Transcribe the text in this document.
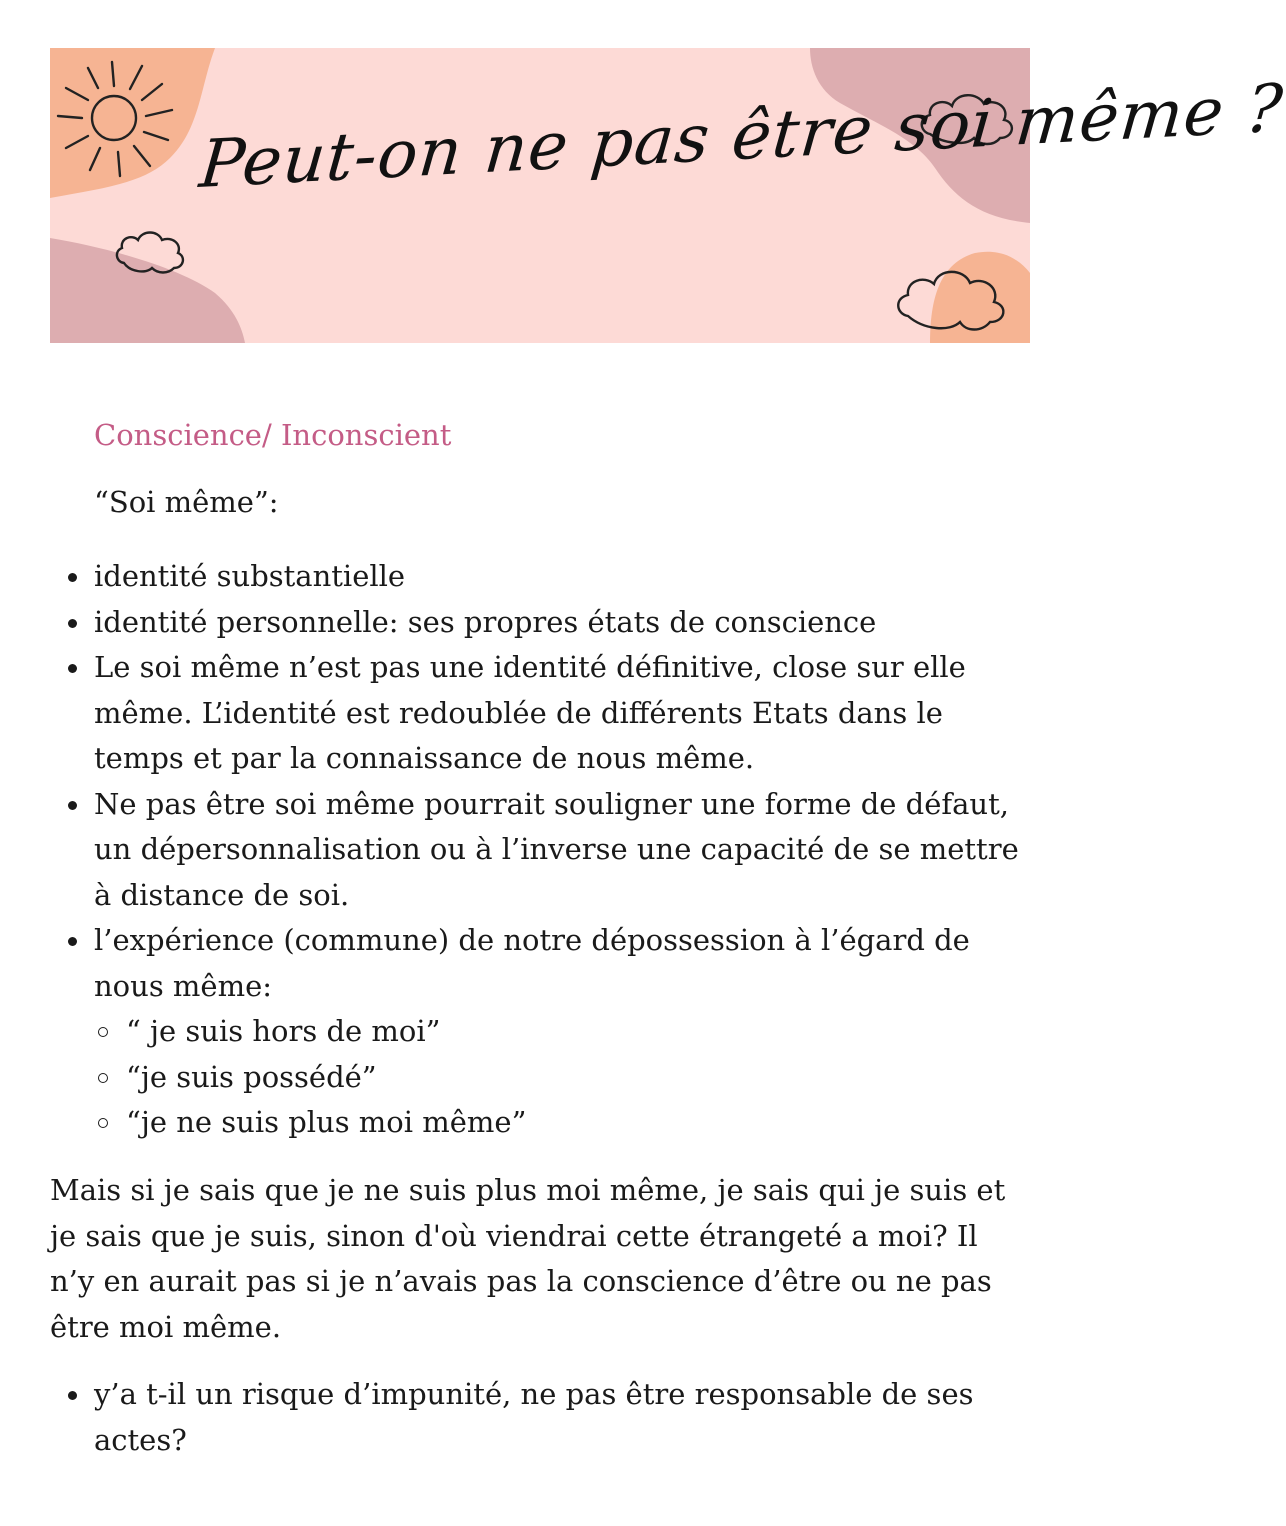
Peut-on ne pas être soi même ?
Conscience/ Inconscient

“Soi même”:

identité substantielle
identité personnelle: ses propres états de conscience
Le soi même n’est pas une identité définitive, close sur elle même. L’identité est redoublée de différents Etats dans le temps et par la connaissance de nous même.
Ne pas être soi même pourrait souligner une forme de défaut, un dépersonnalisation ou à l’inverse une capacité de se mettre à distance de soi.
l’expérience (commune) de notre dépossession à l’égard de nous même:
“ je suis hors de moi”
“je suis possédé”
“je ne suis plus moi même”

Mais si je sais que je ne suis plus moi même, je sais qui je suis et je sais que je suis, sinon d'où viendrai cette étrangeté a moi? Il n’y en aurait pas si je n’avais pas la conscience d’être ou ne pas être moi même.

y’a t-il un risque d’impunité, ne pas être responsable de ses actes?
